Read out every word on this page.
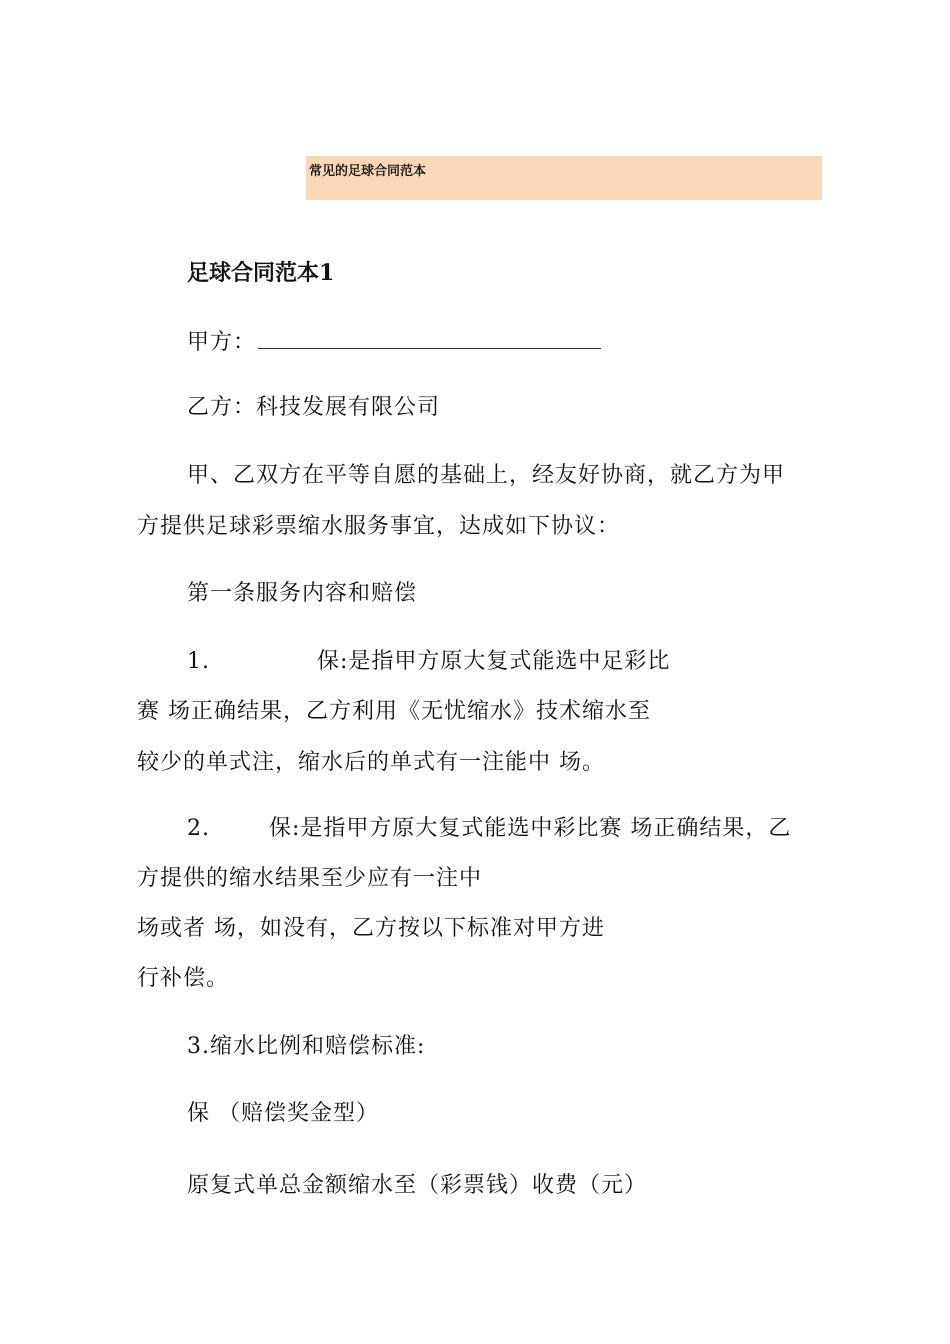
常见的足球合同范本
足球合同范本1
甲方：
乙方：科技发展有限公司
甲、乙双方在平等自愿的基础上，经友好协商，就乙方为甲
方提供足球彩票缩水服务事宜，达成如下协议：
第一条服务内容和赔偿
1.	保:是指甲方原大复式能选中足彩比
赛 场正确结果，乙方利用《无忧缩水》技术缩水至
较少的单式注，缩水后的单式有一注能中 场。
2.	保:是指甲方原大复式能选中彩比赛 场正确结果，乙
方提供的缩水结果至少应有一注中
场或者 场，如没有，乙方按以下标准对甲方进
行补偿。
3.缩水比例和赔偿标准:
保 （赔偿奖金型）
原复式单总金额缩水至（彩票钱）收费（元）
